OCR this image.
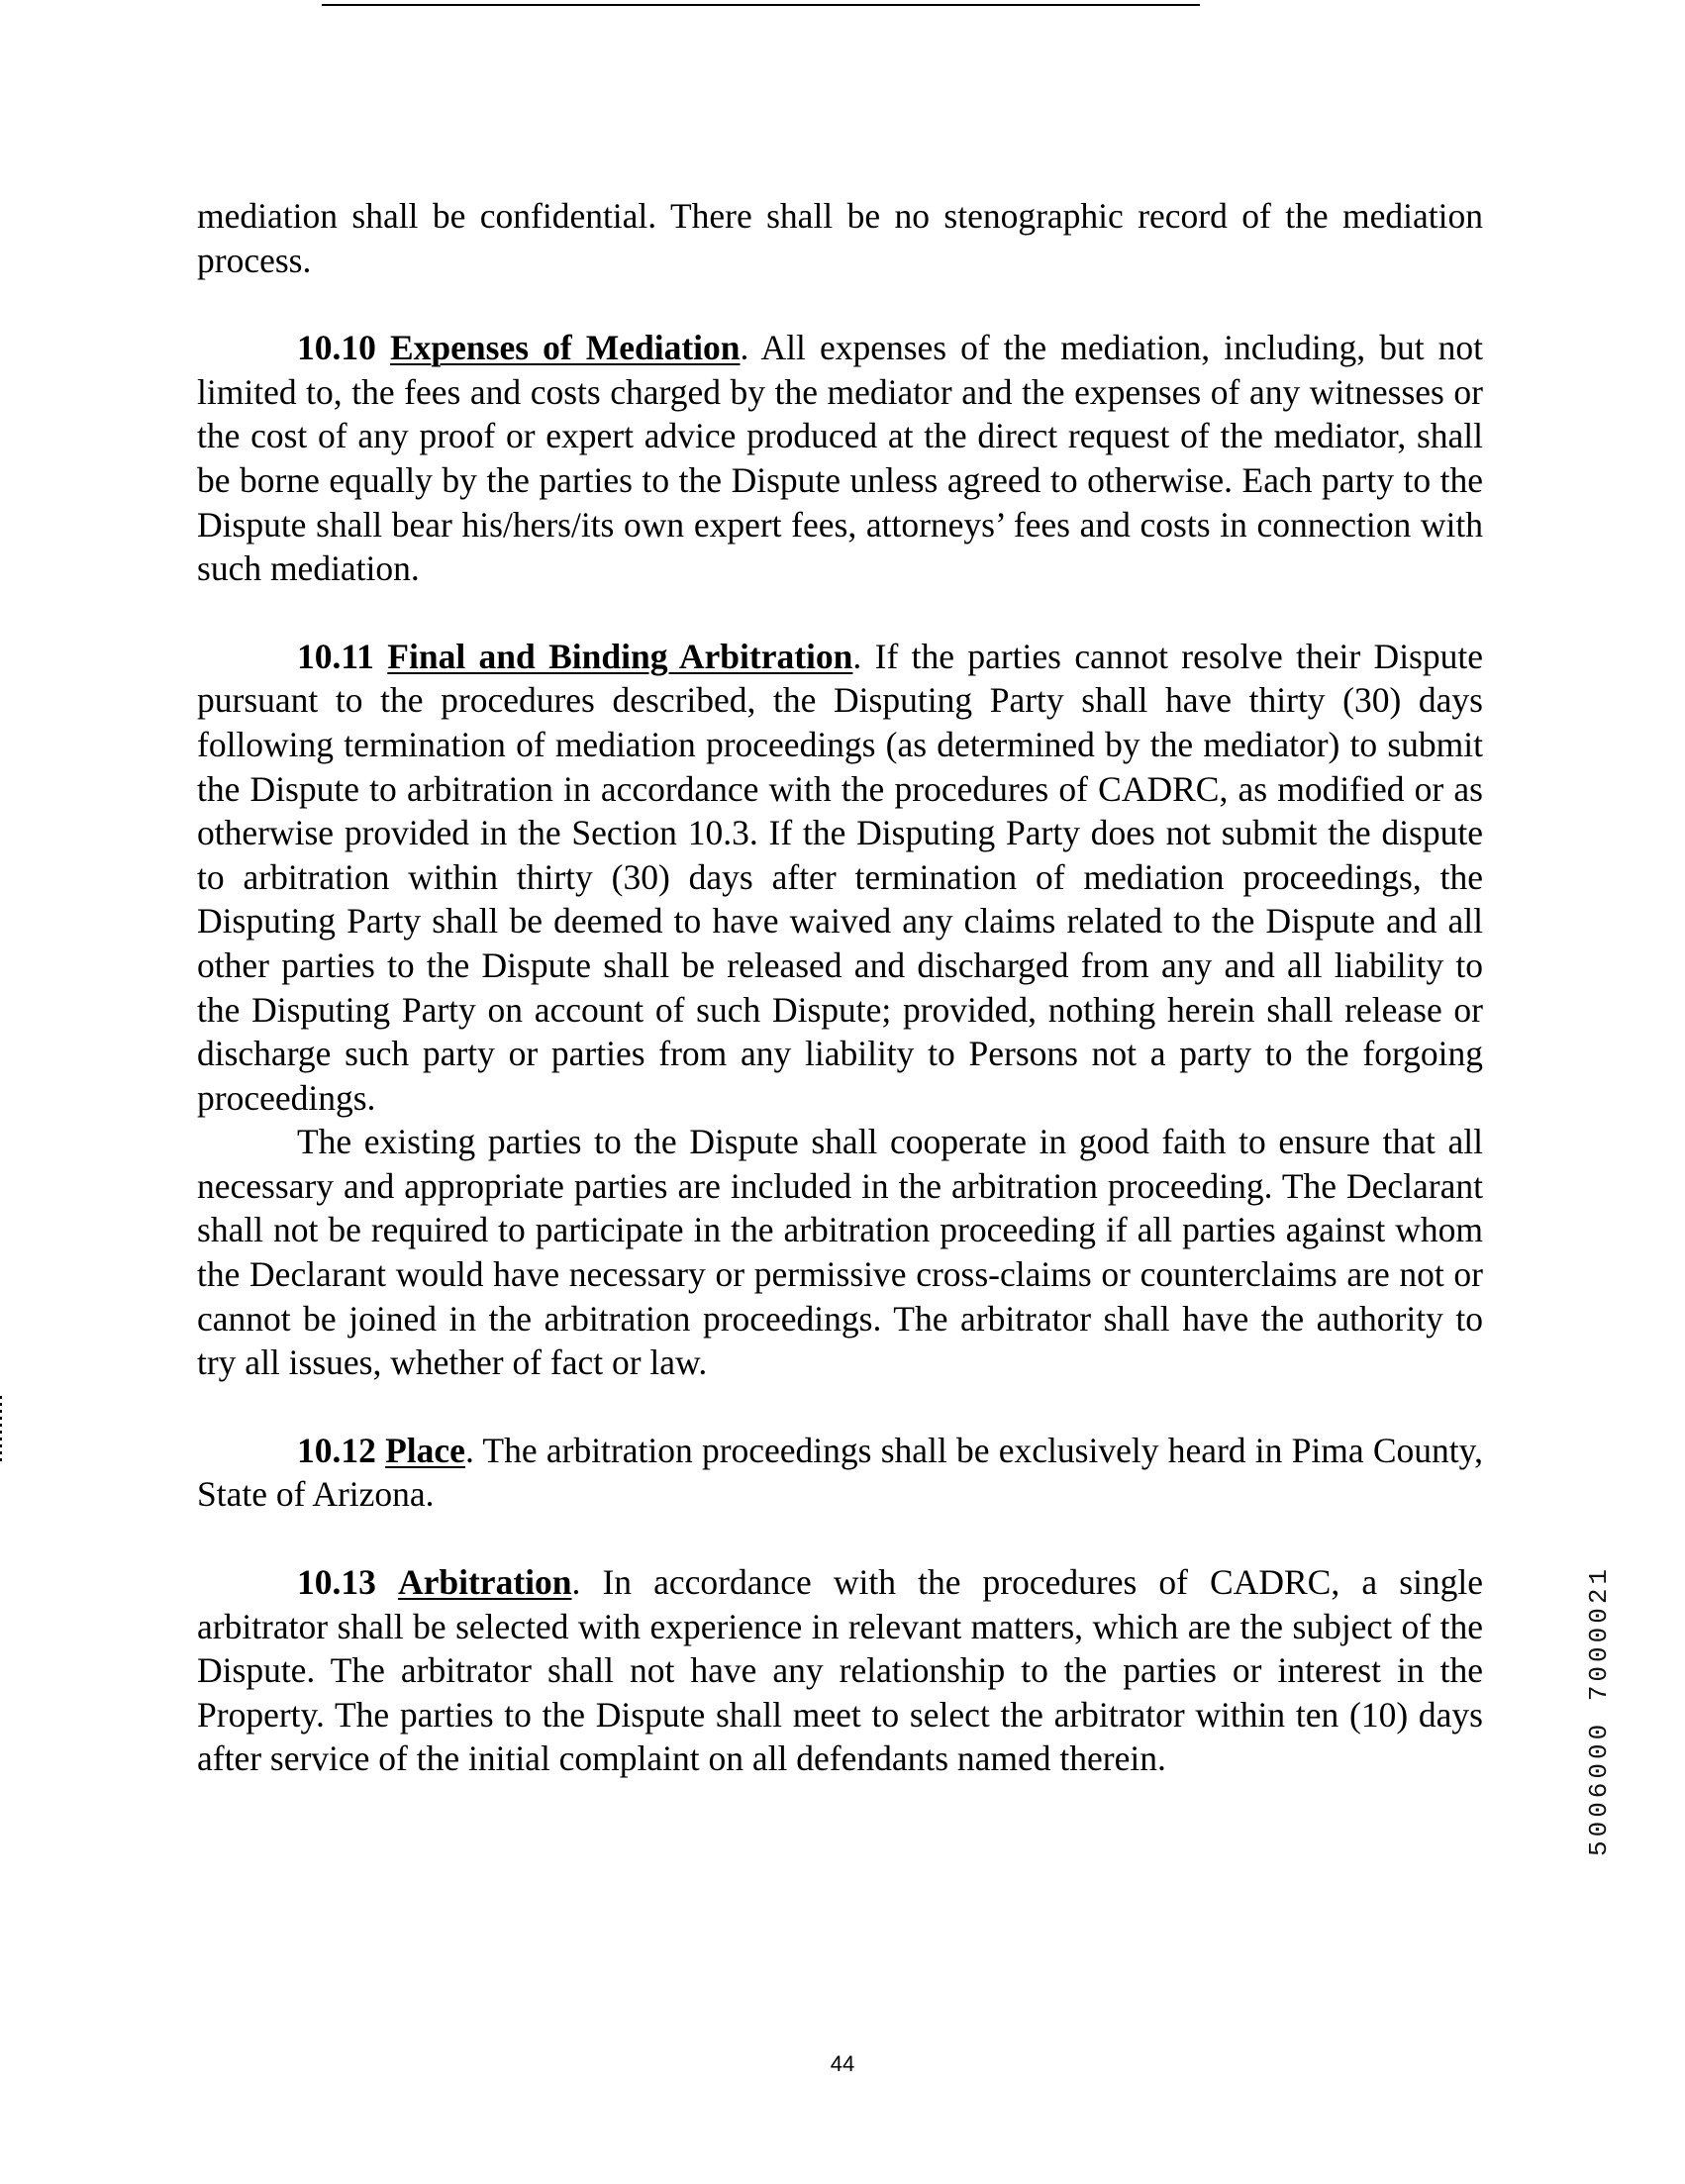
mediation shall be confidential. There shall be no stenographic record of the mediation process.

10.10 Expenses of Mediation. All expenses of the mediation, including, but not limited to, the fees and costs charged by the mediator and the expenses of any witnesses or the cost of any proof or expert advice produced at the direct request of the mediator, shall be borne equally by the parties to the Dispute unless agreed to otherwise. Each party to the Dispute shall bear his/hers/its own expert fees, attorneys’ fees and costs in connection with such mediation.

10.11 Final and Binding Arbitration. If the parties cannot resolve their Dispute pursuant to the procedures described, the Disputing Party shall have thirty (30) days following termination of mediation proceedings (as determined by the mediator) to submit the Dispute to arbitration in accordance with the procedures of CADRC, as modified or as otherwise provided in the Section 10.3. If the Disputing Party does not submit the dispute to arbitration within thirty (30) days after termination of mediation proceedings, the Disputing Party shall be deemed to have waived any claims related to the Dispute and all other parties to the Dispute shall be released and discharged from any and all liability to the Disputing Party on account of such Dispute; provided, nothing herein shall release or discharge such party or parties from any liability to Persons not a party to the forgoing proceedings.

The existing parties to the Dispute shall cooperate in good faith to ensure that all necessary and appropriate parties are included in the arbitration proceeding. The Declarant shall not be required to participate in the arbitration proceeding if all parties against whom the Declarant would have necessary or permissive cross-claims or counterclaims are not or cannot be joined in the arbitration proceedings. The arbitrator shall have the authority to try all issues, whether of fact or law.

10.12 Place. The arbitration proceedings shall be exclusively heard in Pima County, State of Arizona.

10.13 Arbitration. In accordance with the procedures of CADRC, a single arbitrator shall be selected with experience in relevant matters, which are the subject of the Dispute. The arbitrator shall not have any relationship to the parties or interest in the Property. The parties to the Dispute shall meet to select the arbitrator within ten (10) days after service of the initial complaint on all defendants named therein.	5006000 7000021
44
